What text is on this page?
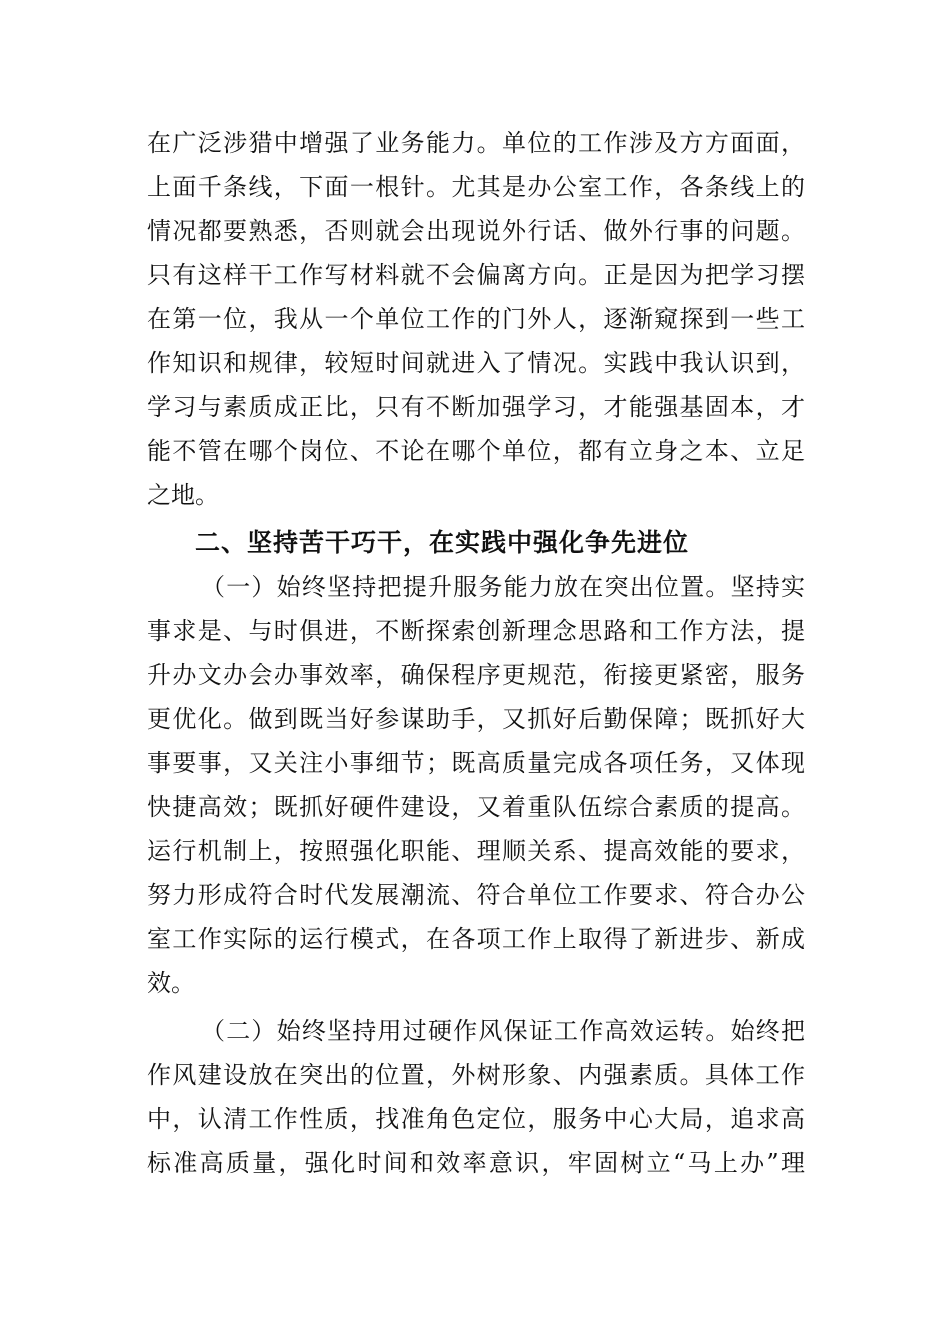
在广泛涉猎中增强了业务能力。单位的工作涉及方方面面，
上面千条线，下面一根针。尤其是办公室工作，各条线上的
情况都要熟悉，否则就会出现说外行话、做外行事的问题。
只有这样干工作写材料就不会偏离方向。正是因为把学习摆
在第一位，我从一个单位工作的门外人，逐渐窥探到一些工
作知识和规律，较短时间就进入了情况。实践中我认识到，
学习与素质成正比，只有不断加强学习，才能强基固本，才
能不管在哪个岗位、不论在哪个单位，都有立身之本、立足
之地。
二、坚持苦干巧干，在实践中强化争先进位
（一）始终坚持把提升服务能力放在突出位置。坚持实
事求是、与时俱进，不断探索创新理念思路和工作方法，提
升办文办会办事效率，确保程序更规范，衔接更紧密，服务
更优化。做到既当好参谋助手，又抓好后勤保障；既抓好大
事要事，又关注小事细节；既高质量完成各项任务，又体现
快捷高效；既抓好硬件建设，又着重队伍综合素质的提高。
运行机制上，按照强化职能、理顺关系、提高效能的要求，
努力形成符合时代发展潮流、符合单位工作要求、符合办公
室工作实际的运行模式，在各项工作上取得了新进步、新成
效。
（二）始终坚持用过硬作风保证工作高效运转。始终把
作风建设放在突出的位置，外树形象、内强素质。具体工作
中，认清工作性质，找准角色定位，服务中心大局，追求高
标准高质量，强化时间和效率意识，牢固树立“马上办”理
